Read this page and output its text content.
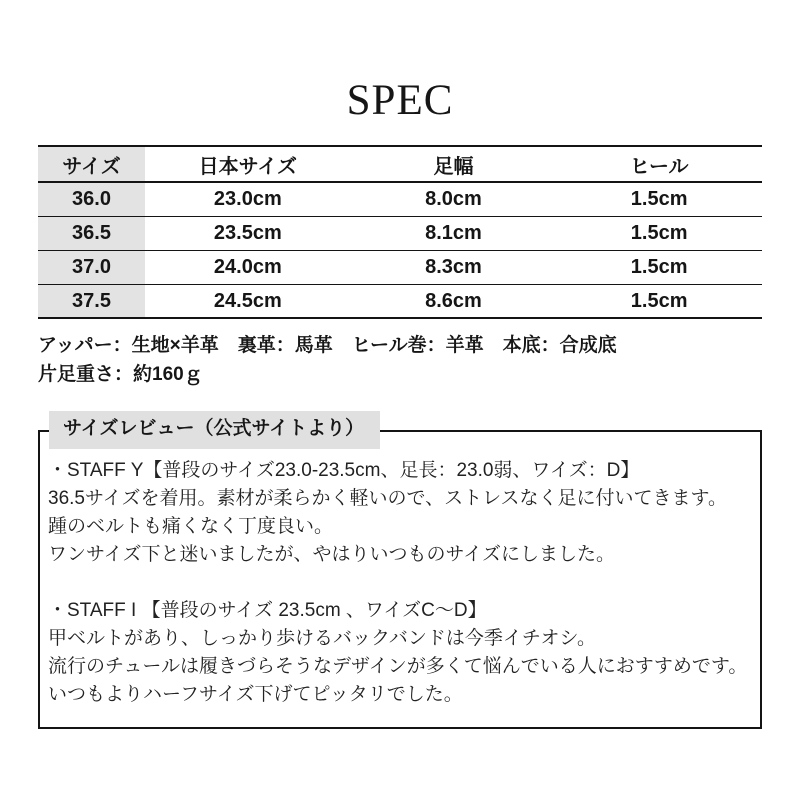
SPEC
サイズ	日本サイズ	足幅	ヒール
36.0	23.0cm	8.0cm	1.5cm
36.5	23.5cm	8.1cm	1.5cm
37.0	24.0cm	8.3cm	1.5cm
37.5	24.5cm	8.6cm	1.5cm
アッパー：生地×羊革　裏革：馬革　ヒール巻：羊革　本底：合成底
片足重さ：約160ｇ
サイズレビュー（公式サイトより）

・STAFF Y【普段のサイズ23.0-23.5cm、足長：23.0弱、ワイズ：D】
36.5サイズを着用。素材が柔らかく軽いので、ストレスなく足に付いてきます。
踵のベルトも痛くなく丁度良い。
ワンサイズ下と迷いましたが、やはりいつものサイズにしました。

・STAFF I 【普段のサイズ 23.5cm 、ワイズC〜D】
甲ベルトがあり、しっかり歩けるバックバンドは今季イチオシ。
流行のチュールは履きづらそうなデザインが多くて悩んでいる人におすすめです。
いつもよりハーフサイズ下げてピッタリでした。
